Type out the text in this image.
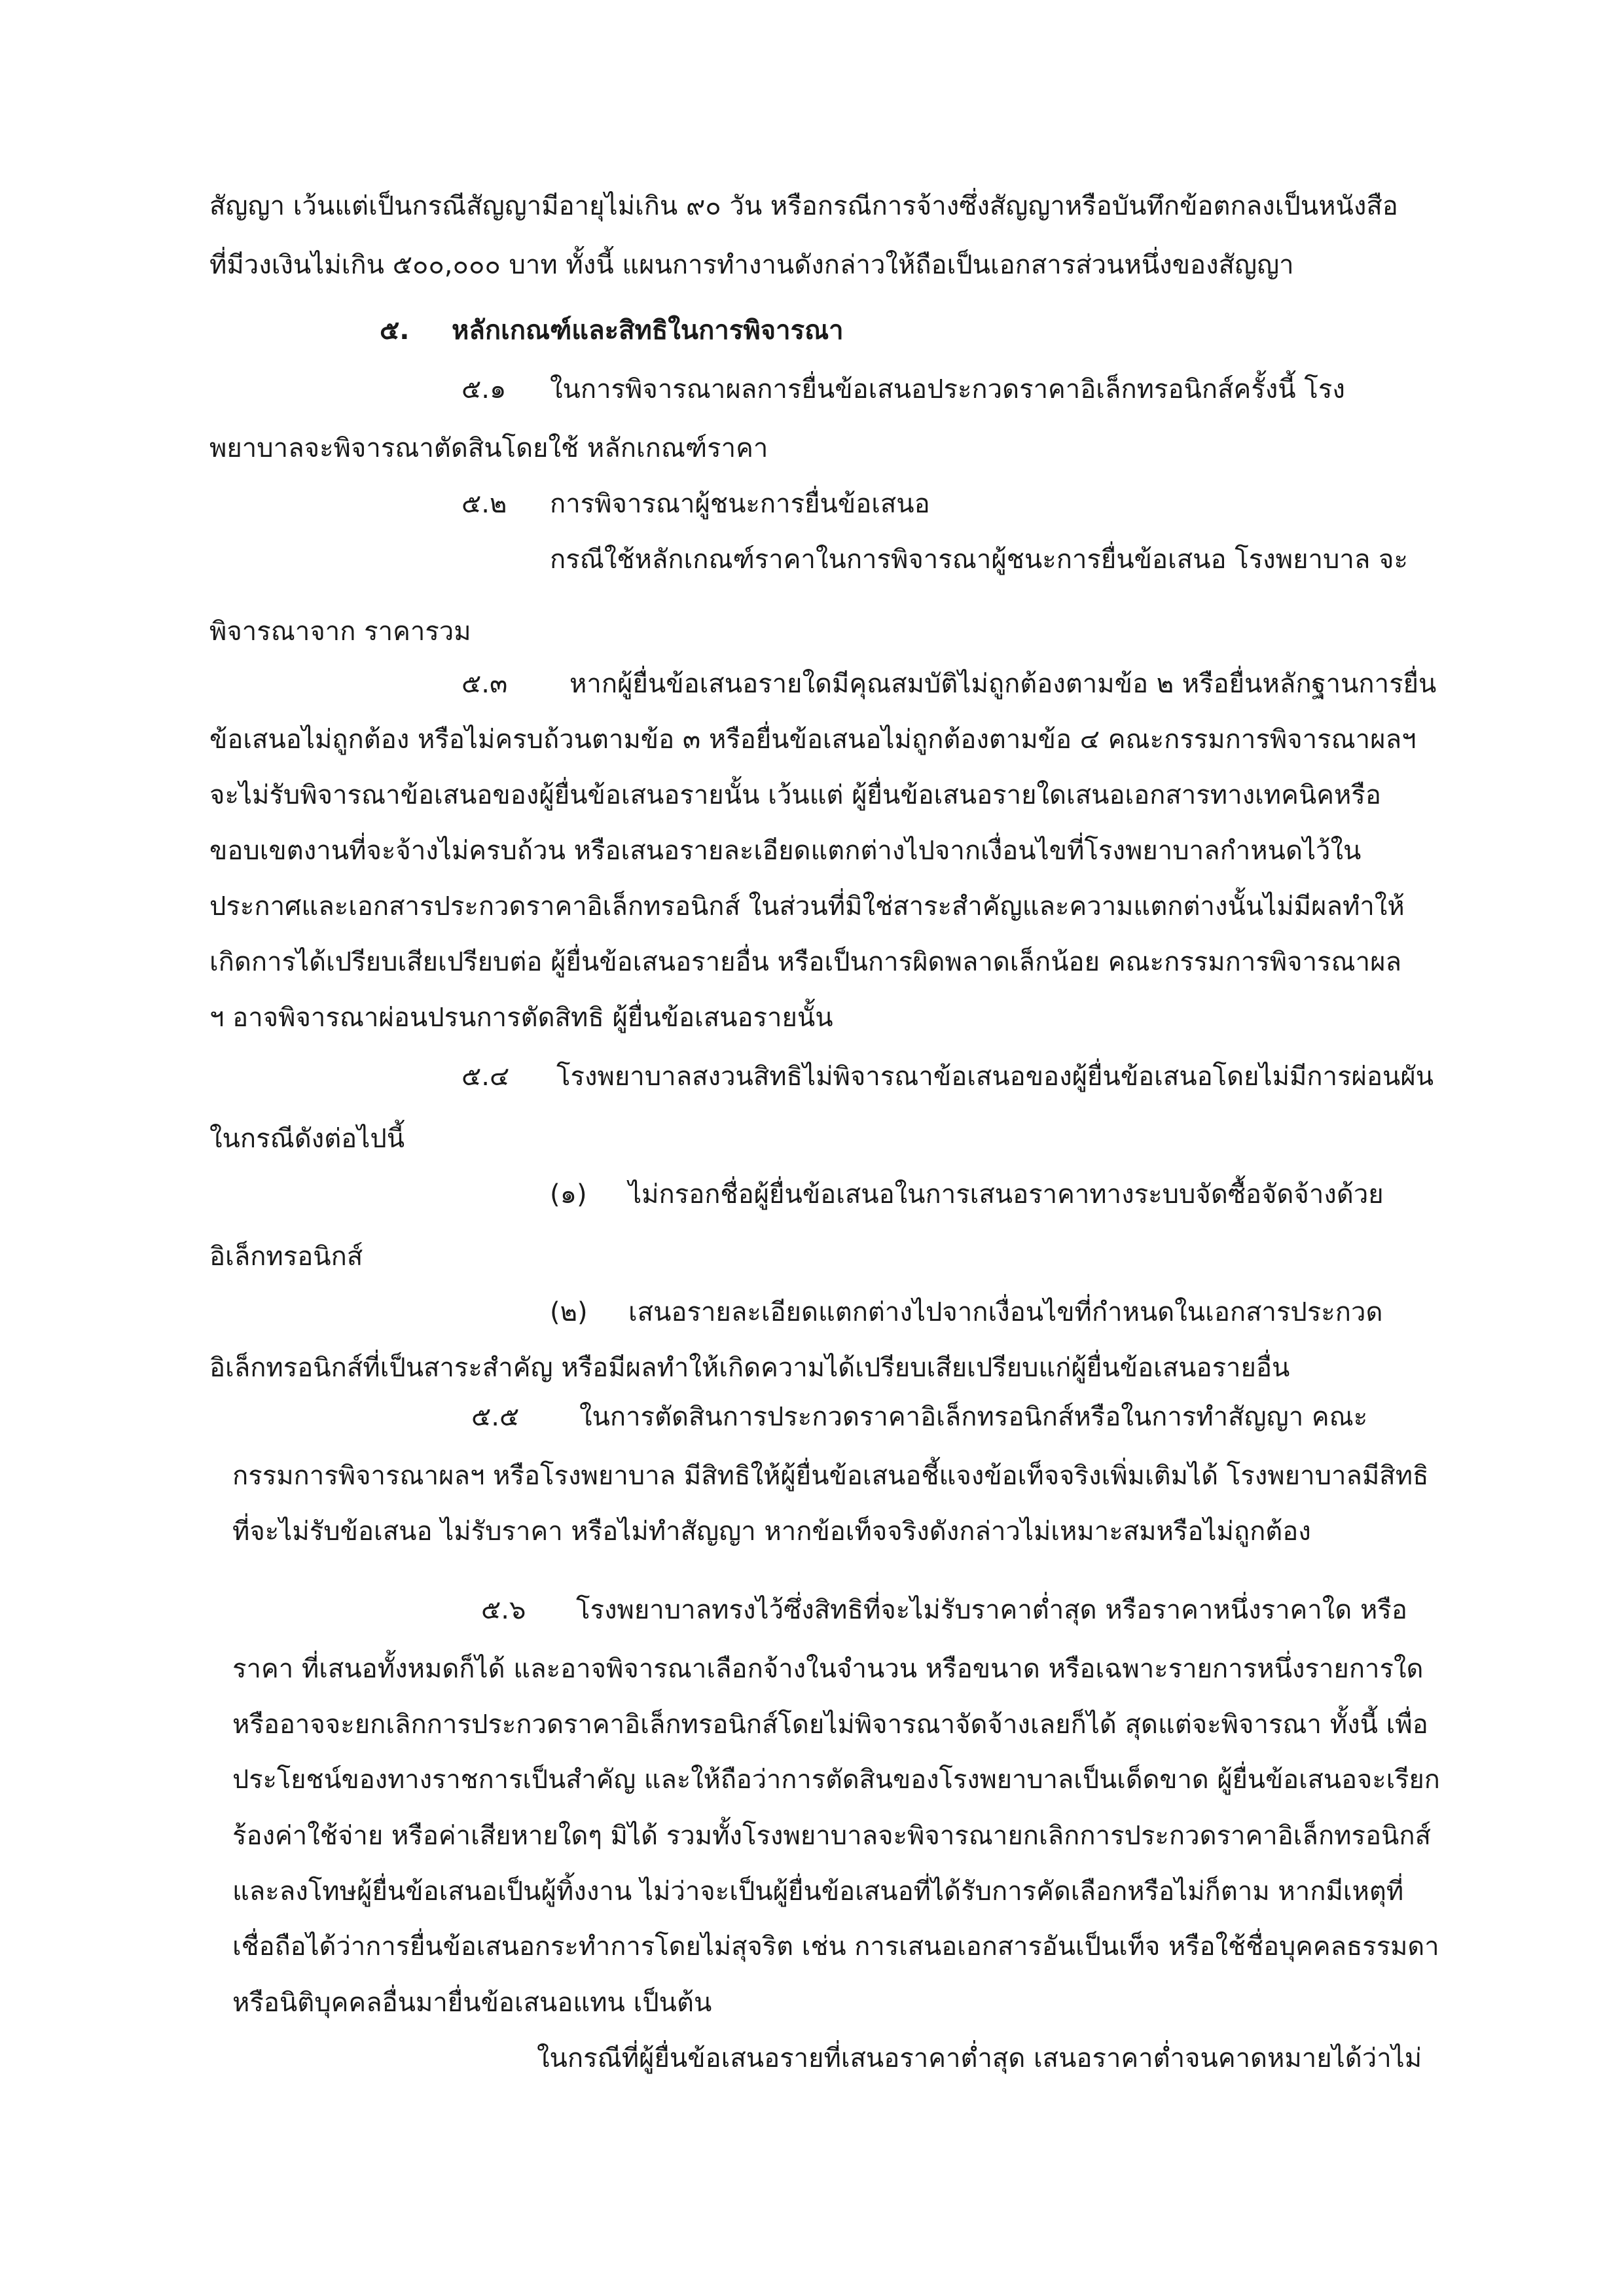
สัญญา เว้นแต่เป็นกรณีสัญญามีอายุไม่เกิน ๙๐ วัน หรือกรณีการจ้างซึ่งสัญญาหรือบันทึกข้อตกลงเป็นหนังสือ
ที่มีวงเงินไม่เกิน ๕๐๐,๐๐๐ บาท ทั้งนี้ แผนการทำงานดังกล่าวให้ถือเป็นเอกสารส่วนหนึ่งของสัญญา
๕. หลักเกณฑ์และสิทธิในการพิจารณา
๕.๑ ในการพิจารณาผลการยื่นข้อเสนอประกวดราคาอิเล็กทรอนิกส์ครั้งนี้ โรง
พยาบาลจะพิจารณาตัดสินโดยใช้ หลักเกณฑ์ราคา
๕.๒ การพิจารณาผู้ชนะการยื่นข้อเสนอ
กรณีใช้หลักเกณฑ์ราคาในการพิจารณาผู้ชนะการยื่นข้อเสนอ โรงพยาบาล จะ
พิจารณาจาก ราคารวม
๕.๓ หากผู้ยื่นข้อเสนอรายใดมีคุณสมบัติไม่ถูกต้องตามข้อ ๒ หรือยื่นหลักฐานการยื่น
ข้อเสนอไม่ถูกต้อง หรือไม่ครบถ้วนตามข้อ ๓ หรือยื่นข้อเสนอไม่ถูกต้องตามข้อ ๔ คณะกรรมการพิจารณาผลฯ
จะไม่รับพิจารณาข้อเสนอของผู้ยื่นข้อเสนอรายนั้น เว้นแต่ ผู้ยื่นข้อเสนอรายใดเสนอเอกสารทางเทคนิคหรือ
ขอบเขตงานที่จะจ้างไม่ครบถ้วน หรือเสนอรายละเอียดแตกต่างไปจากเงื่อนไขที่โรงพยาบาลกำหนดไว้ใน
ประกาศและเอกสารประกวดราคาอิเล็กทรอนิกส์ ในส่วนที่มิใช่สาระสำคัญและความแตกต่างนั้นไม่มีผลทำให้
เกิดการได้เปรียบเสียเปรียบต่อ ผู้ยื่นข้อเสนอรายอื่น หรือเป็นการผิดพลาดเล็กน้อย คณะกรรมการพิจารณาผล
ฯ อาจพิจารณาผ่อนปรนการตัดสิทธิ ผู้ยื่นข้อเสนอรายนั้น
๕.๔ โรงพยาบาลสงวนสิทธิไม่พิจารณาข้อเสนอของผู้ยื่นข้อเสนอโดยไม่มีการผ่อนผัน
ในกรณีดังต่อไปนี้
(๑) ไม่กรอกชื่อผู้ยื่นข้อเสนอในการเสนอราคาทางระบบจัดซื้อจัดจ้างด้วย
อิเล็กทรอนิกส์
(๒) เสนอรายละเอียดแตกต่างไปจากเงื่อนไขที่กำหนดในเอกสารประกวด
อิเล็กทรอนิกส์ที่เป็นสาระสำคัญ หรือมีผลทำให้เกิดความได้เปรียบเสียเปรียบแก่ผู้ยื่นข้อเสนอรายอื่น
๕.๕ ในการตัดสินการประกวดราคาอิเล็กทรอนิกส์หรือในการทำสัญญา คณะ
กรรมการพิจารณาผลฯ หรือโรงพยาบาล มีสิทธิให้ผู้ยื่นข้อเสนอชี้แจงข้อเท็จจริงเพิ่มเติมได้ โรงพยาบาลมีสิทธิ
ที่จะไม่รับข้อเสนอ ไม่รับราคา หรือไม่ทำสัญญา หากข้อเท็จจริงดังกล่าวไม่เหมาะสมหรือไม่ถูกต้อง
๕.๖ โรงพยาบาลทรงไว้ซึ่งสิทธิที่จะไม่รับราคาต่ำสุด หรือราคาหนึ่งราคาใด หรือ
ราคา ที่เสนอทั้งหมดก็ได้ และอาจพิจารณาเลือกจ้างในจำนวน หรือขนาด หรือเฉพาะรายการหนึ่งรายการใด
หรืออาจจะยกเลิกการประกวดราคาอิเล็กทรอนิกส์โดยไม่พิจารณาจัดจ้างเลยก็ได้ สุดแต่จะพิจารณา ทั้งนี้ เพื่อ
ประโยชน์ของทางราชการเป็นสำคัญ และให้ถือว่าการตัดสินของโรงพยาบาลเป็นเด็ดขาด ผู้ยื่นข้อเสนอจะเรียก
ร้องค่าใช้จ่าย หรือค่าเสียหายใดๆ มิได้ รวมทั้งโรงพยาบาลจะพิจารณายกเลิกการประกวดราคาอิเล็กทรอนิกส์
และลงโทษผู้ยื่นข้อเสนอเป็นผู้ทิ้งงาน ไม่ว่าจะเป็นผู้ยื่นข้อเสนอที่ได้รับการคัดเลือกหรือไม่ก็ตาม หากมีเหตุที่
เชื่อถือได้ว่าการยื่นข้อเสนอกระทำการโดยไม่สุจริต เช่น การเสนอเอกสารอันเป็นเท็จ หรือใช้ชื่อบุคคลธรรมดา
หรือนิติบุคคลอื่นมายื่นข้อเสนอแทน เป็นต้น
ในกรณีที่ผู้ยื่นข้อเสนอรายที่เสนอราคาต่ำสุด เสนอราคาต่ำจนคาดหมายได้ว่าไม่
